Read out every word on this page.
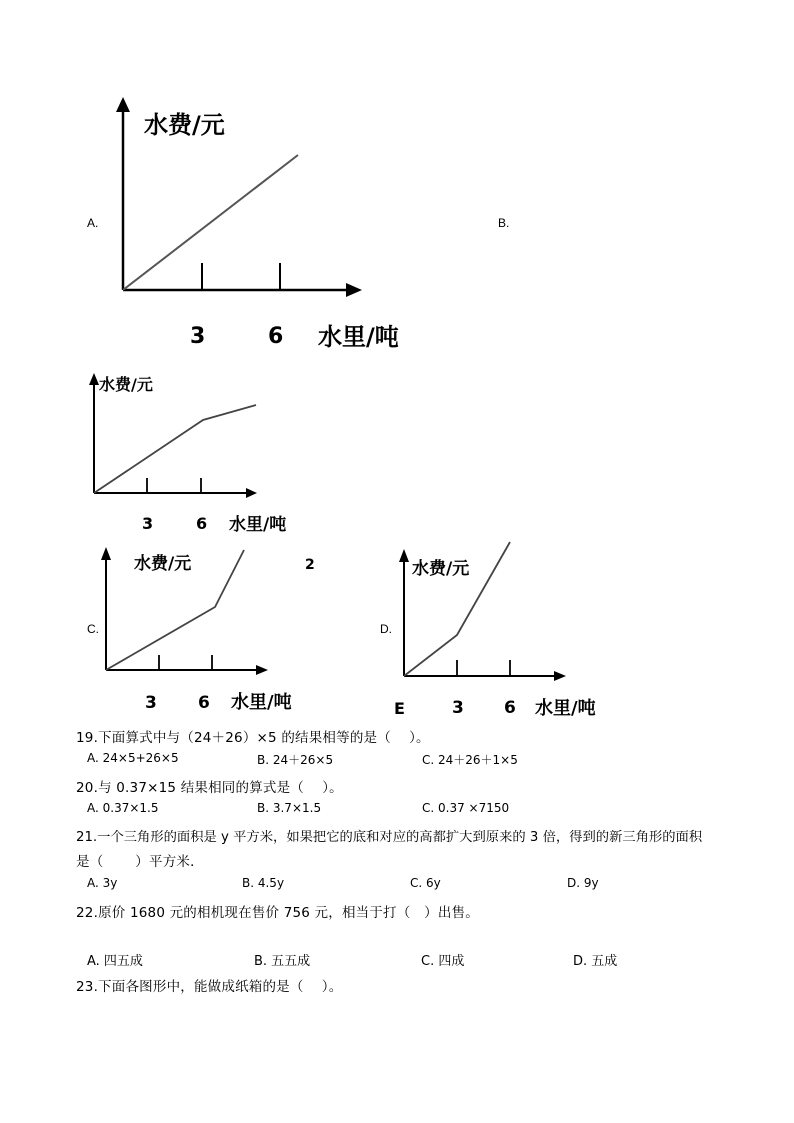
A.	B.
C.	D.
水费/元
3	6 水里/吨
水费/元
3	6 水里/吨
水费/元	2
3 6 水里/吨
水费/元
E	3 6 水里/吨
19.下面算式中与（24＋26）×5 的结果相等的是（　 ）。
A. 24×5+26×5	B. 24＋26×5	C. 24＋26＋1×5
20.与 0.37×15 结果相同的算式是（　 ）。
A. 0.37×1.5	B. 3.7×1.5	C. 0.37 ×7150
21.一个三角形的面积是 y 平方米，如果把它的底和对应的高都扩大到原来的 3 倍，得到的新三角形的面积
是（　　 ）平方米．
A. 3y	B. 4.5y	C. 6y	D. 9y
22.原价 1680 元的相机现在售价 756 元，相当于打（　）出售。
A. 四五成	B. 五五成	C. 四成	D. 五成
23.下面各图形中，能做成纸箱的是（　 ）。
